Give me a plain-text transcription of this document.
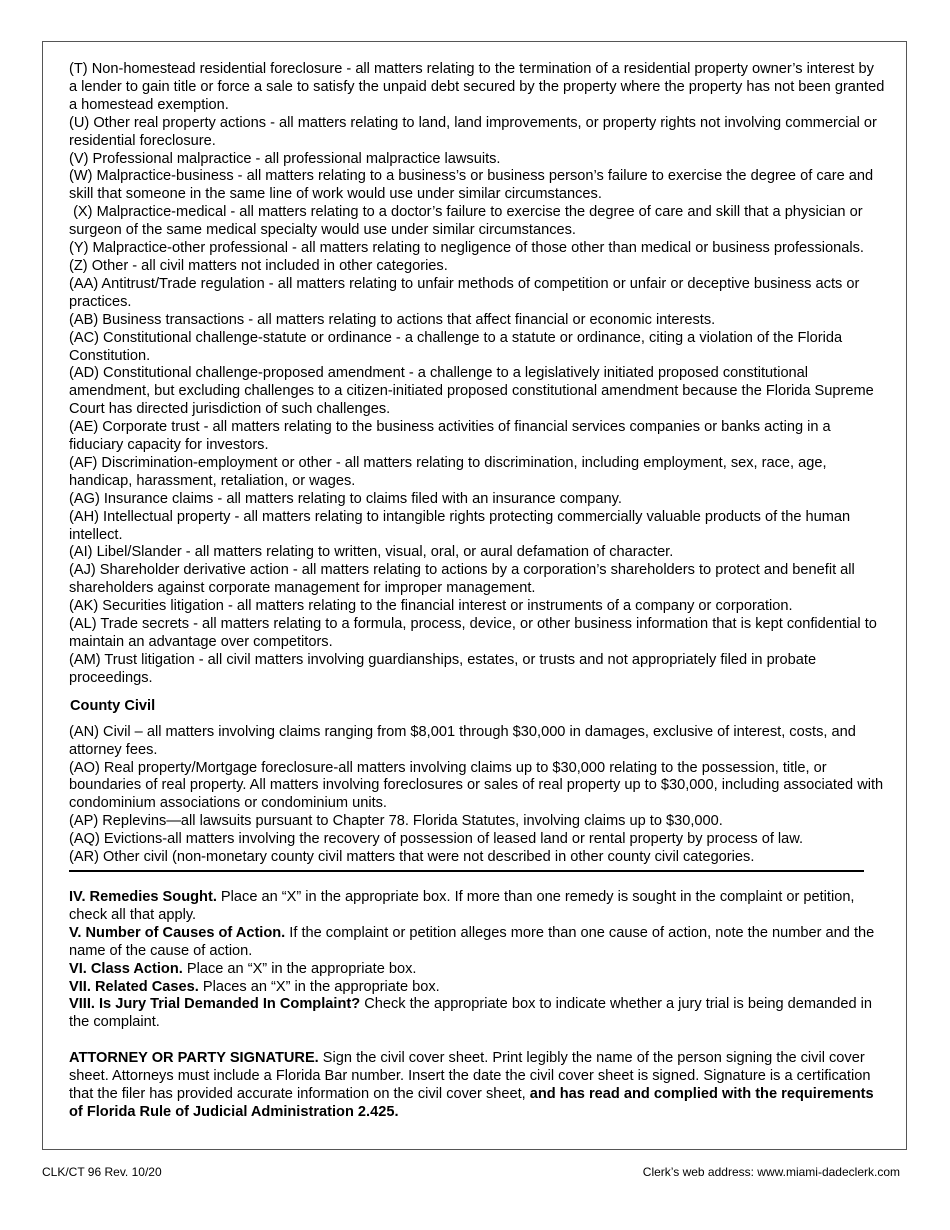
(T) Non-homestead residential foreclosure - all matters relating to the termination of a residential property owner’s interest by a lender to gain title or force a sale to satisfy the unpaid debt secured by the property where the property has not been granted a homestead exemption.

(U) Other real property actions - all matters relating to land, land improvements, or property rights not involving commercial or residential foreclosure.

(V) Professional malpractice - all professional malpractice lawsuits.

(W) Malpractice-business - all matters relating to a business’s or business person’s failure to exercise the degree of care and skill that someone in the same line of work would use under similar circumstances.

(X) Malpractice-medical - all matters relating to a doctor’s failure to exercise the degree of care and skill that a physician or surgeon of the same medical specialty would use under similar circumstances.

(Y) Malpractice-other professional - all matters relating to negligence of those other than medical or business professionals.

(Z) Other - all civil matters not included in other categories.

(AA) Antitrust/Trade regulation - all matters relating to unfair methods of competition or unfair or deceptive business acts or practices.

(AB) Business transactions - all matters relating to actions that affect financial or economic interests.

(AC) Constitutional challenge-statute or ordinance - a challenge to a statute or ordinance, citing a violation of the Florida Constitution.

(AD) Constitutional challenge-proposed amendment - a challenge to a legislatively initiated proposed constitutional amendment, but excluding challenges to a citizen-initiated proposed constitutional amendment because the Florida Supreme Court has directed jurisdiction of such challenges.

(AE) Corporate trust - all matters relating to the business activities of financial services companies or banks acting in a fiduciary capacity for investors.

(AF) Discrimination-employment or other - all matters relating to discrimination, including employment, sex, race, age, handicap, harassment, retaliation, or wages.

(AG) Insurance claims - all matters relating to claims filed with an insurance company.

(AH) Intellectual property - all matters relating to intangible rights protecting commercially valuable products of the human intellect.

(AI) Libel/Slander - all matters relating to written, visual, oral, or aural defamation of character.

(AJ) Shareholder derivative action - all matters relating to actions by a corporation’s shareholders to protect and benefit all shareholders against corporate management for improper management.

(AK) Securities litigation - all matters relating to the financial interest or instruments of a company or corporation.

(AL) Trade secrets - all matters relating to a formula, process, device, or other business information that is kept confidential to maintain an advantage over competitors.

(AM) Trust litigation - all civil matters involving guardianships, estates, or trusts and not appropriately filed in probate proceedings.

County Civil

(AN) Civil – all matters involving claims ranging from $8,001 through $30,000 in damages, exclusive of interest, costs, and attorney fees.

(AO) Real property/Mortgage foreclosure-all matters involving claims up to $30,000 relating to the possession, title, or boundaries of real property. All matters involving foreclosures or sales of real property up to $30,000, including associated with condominium associations or condominium units.

(AP) Replevins—all lawsuits pursuant to Chapter 78. Florida Statutes, involving claims up to $30,000.

(AQ) Evictions-all matters involving the recovery of possession of leased land or rental property by process of law.

(AR) Other civil (non-monetary county civil matters that were not described in other county civil categories.

IV. Remedies Sought. Place an “X” in the appropriate box. If more than one remedy is sought in the complaint or petition, check all that apply.

V. Number of Causes of Action. If the complaint or petition alleges more than one cause of action, note the number and the name of the cause of action.

VI. Class Action. Place an “X” in the appropriate box.

VII. Related Cases. Places an “X” in the appropriate box.

VIII. Is Jury Trial Demanded In Complaint? Check the appropriate box to indicate whether a jury trial is being demanded in the complaint.

ATTORNEY OR PARTY SIGNATURE. Sign the civil cover sheet. Print legibly the name of the person signing the civil cover sheet. Attorneys must include a Florida Bar number. Insert the date the civil cover sheet is signed. Signature is a certification that the filer has provided accurate information on the civil cover sheet, and has read and complied with the requirements of Florida Rule of Judicial Administration 2.425.

CLK/CT 96 Rev. 10/20	Clerk’s web address: www.miami-dadeclerk.com
